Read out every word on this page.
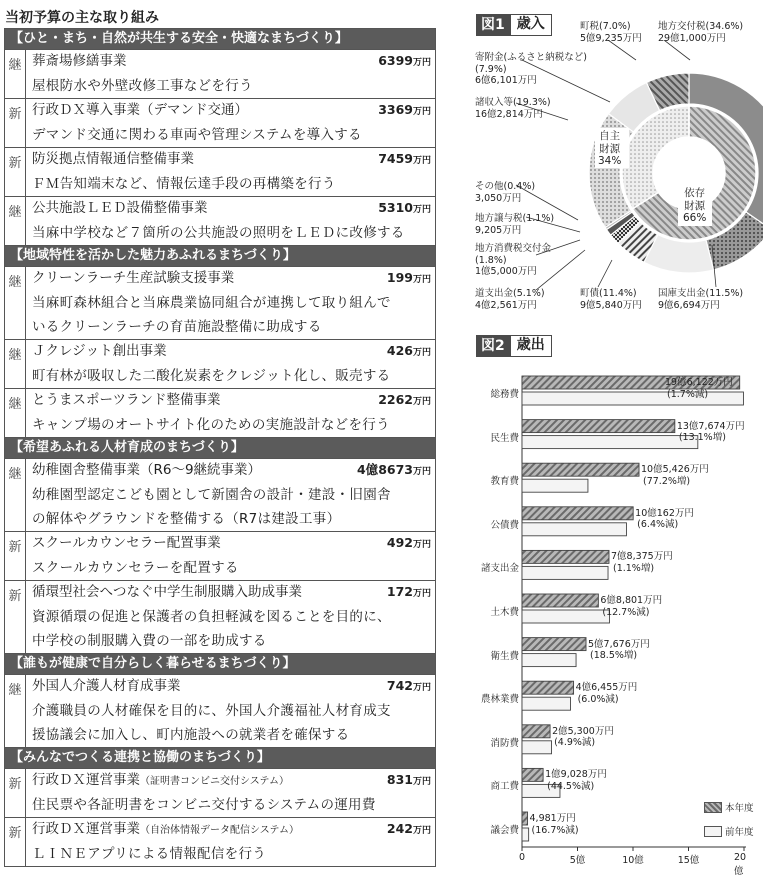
当初予算の主な取り組み
【ひと・まち・自然が共生する安全・快適なまちづくり】
継 葬斎場修繕事業	6399万円
屋根防水や外壁改修工事などを行う
新 行政ＤＸ導入事業（デマンド交通）	3369万円
デマンド交通に関わる車両や管理システムを導入する
新 防災拠点情報通信整備事業	7459万円
ＦＭ告知端末など、情報伝達手段の再構築を行う
継 公共施設ＬＥＤ設備整備事業	5310万円
当麻中学校など７箇所の公共施設の照明をＬＥＤに改修する
【地域特性を活かした魅力あふれるまちづくり】
継 クリーンラーチ生産試験支援事業	199万円
当麻町森林組合と当麻農業協同組合が連携して取り組んで
いるクリーンラーチの育苗施設整備に助成する
継 Ｊクレジット創出事業	426万円
町有林が吸収した二酸化炭素をクレジット化し、販売する
継 とうまスポーツランド整備事業	2262万円
キャンプ場のオートサイト化のための実施設計などを行う
【希望あふれる人材育成のまちづくり】
継 幼稚園舎整備事業（R6～9継続事業）	4億8673万円
幼稚園型認定こども園として新園舎の設計・建設・旧園舎
の解体やグラウンドを整備する（R7は建設工事）
新 スクールカウンセラー配置事業	492万円
スクールカウンセラーを配置する
新 循環型社会へつなぐ中学生制服購入助成事業	172万円
資源循環の促進と保護者の負担軽減を図ることを目的に、
中学校の制服購入費の一部を助成する
【誰もが健康で自分らしく暮らせるまちづくり】
継 外国人介護人材育成事業	742万円
介護職員の人材確保を目的に、外国人介護福祉人材育成支
援協議会に加入し、町内施設への就業者を確保する
【みんなでつくる連携と協働のまちづくり】
新 行政ＤＸ運営事業（証明書コンビニ交付システム）	831万円
住民票や各証明書をコンビニ交付するシステムの運用費
新 行政ＤＸ運営事業（自治体情報データ配信システム）	242万円
ＬＩＮＥアプリによる情報配信を行う
図1 歳入
自主
財源
34%
依存
財源
66%
地方交付税(34.6%)
29億1,000万円
国庫支出金(11.5%)
9億6,694万円
町債(11.4%)
9億5,840万円
道支出金(5.1%)
4億2,561万円
地方消費税交付金
(1.8%)
1億5,000万円
地方譲与税(1.1%)
9,205万円
その他(0.4%)
3,050万円
諸収入等(19.3%)
16億2,814万円
寄附金(ふるさと納税など)
(7.9%)
6億6,101万円
町税(7.0%)
5億9,235万円
図2 歳出
0	5億	10億	15億	20億
総務費
19億6,122万円
(1.7%減)
民生費
13億7,674万円
(13.1%増)
教育費
10億5,426万円
(77.2%増)
公債費
10億162万円
(6.4%減)
諸支出金
7億8,375万円
(1.1%増)
土木費
6億8,801万円
(12.7%減)
衛生費
5億7,676万円
(18.5%増)
農林業費
4億6,455万円
(6.0%減)
消防費
2億5,300万円
(4.9%減)
商工費
1億9,028万円
(44.5%減)
議会費
4,981万円
(16.7%減)
本年度
前年度
